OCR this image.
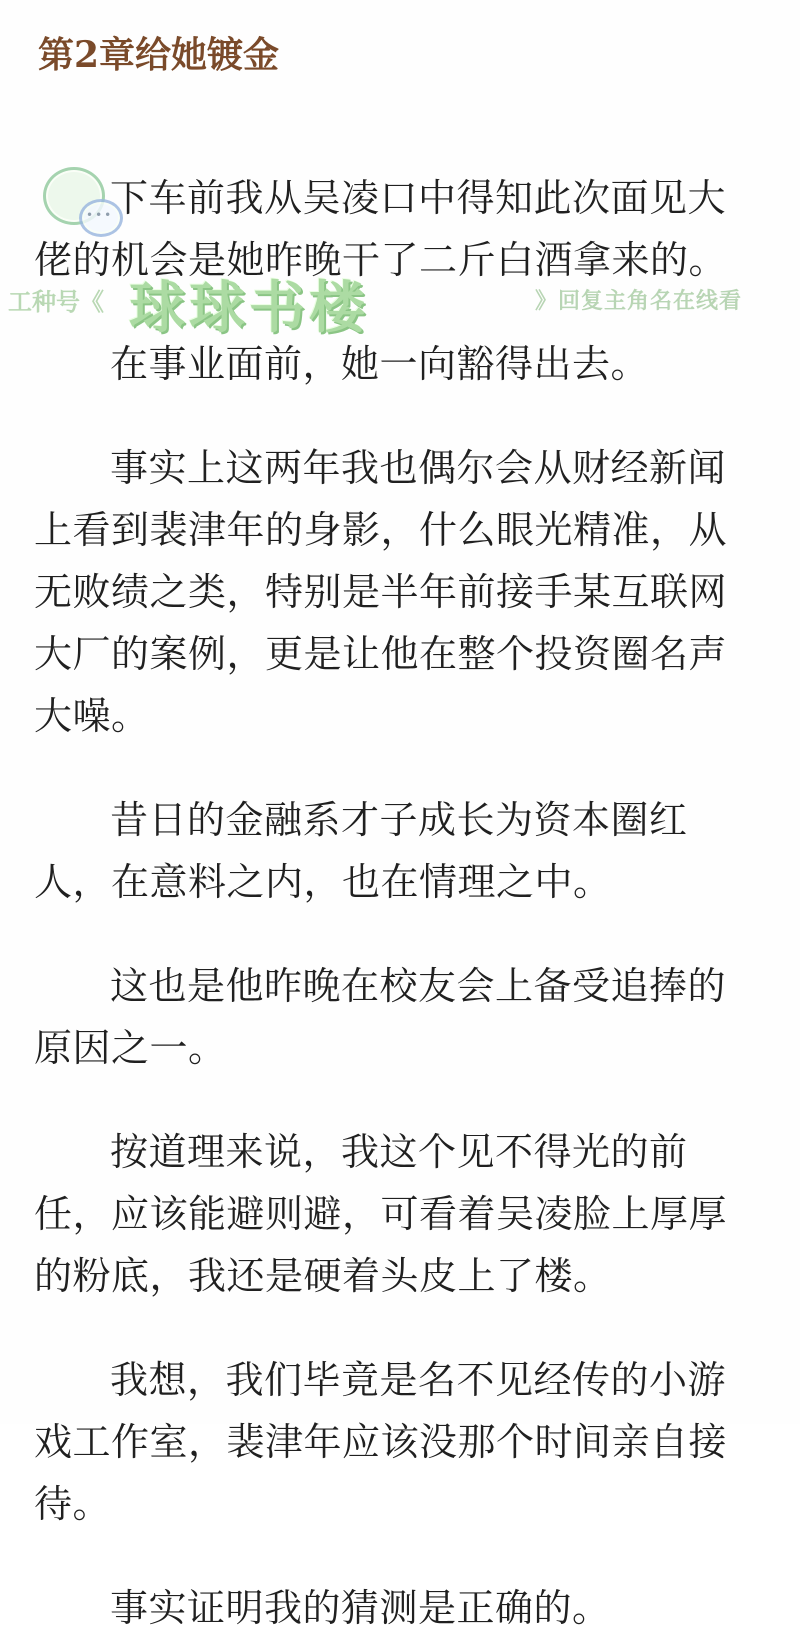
第2章给她镀金
•••

下车前我从吴凌口中得知此次面见大佬的机会是她昨晚干了二斤白酒拿来的。

在事业面前，她一向豁得出去。

事实上这两年我也偶尔会从财经新闻上看到裴津年的身影，什么眼光精准，从无败绩之类，特别是半年前接手某互联网大厂的案例，更是让他在整个投资圈名声大噪。

昔日的金融系才子成长为资本圈红人，在意料之内，也在情理之中。

这也是他昨晚在校友会上备受追捧的原因之一。

按道理来说，我这个见不得光的前任，应该能避则避，可看着吴凌脸上厚厚的粉底，我还是硬着头皮上了楼。

我想，我们毕竟是名不见经传的小游戏工作室，裴津年应该没那个时间亲自接待。

事实证明我的猜测是正确的。

工种号《 球球书楼	》回复主角名在线看
